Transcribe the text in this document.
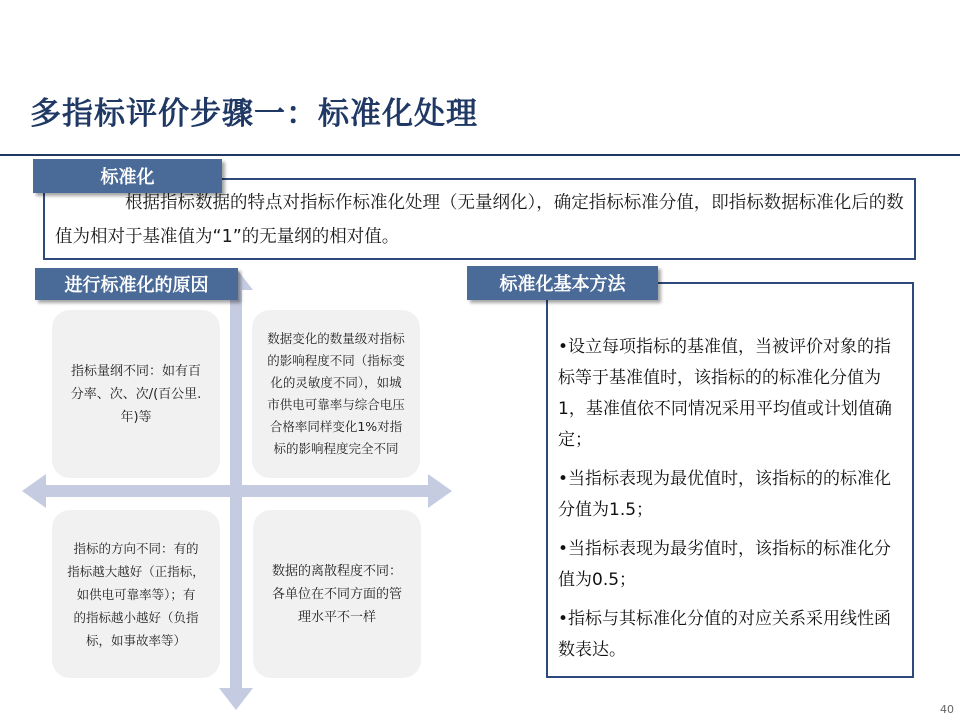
多指标评价步骤一：标准化处理
　　　　根据指标数据的特点对指标作标准化处理（无量纲化），确定指标标准分值，即指标数据标准化后的数值为相对于基准值为“1”的无量纲的相对值。
标准化
进行标准化的原因
指标量纲不同：如有百
分率、次、次/(百公里.
年)等
数据变化的数量级对指标
的影响程度不同（指标变
化的灵敏度不同），如城
市供电可靠率与综合电压
合格率同样变化1%对指
标的影响程度完全不同
指标的方向不同：有的
指标越大越好（正指标，
如供电可靠率等）；有
的指标越小越好（负指
标，如事故率等）
数据的离散程度不同：
各单位在不同方面的管
理水平不一样

•设立每项指标的基准值，当被评价对象的指标等于基准值时，该指标的的标准化分值为1，基准值依不同情况采用平均值或计划值确定；

•当指标表现为最优值时，该指标的的标准化分值为1.5；

•当指标表现为最劣值时，该指标的标准化分值为0.5；

•指标与其标准化分值的对应关系采用线性函数表达。

标准化基本方法
40
